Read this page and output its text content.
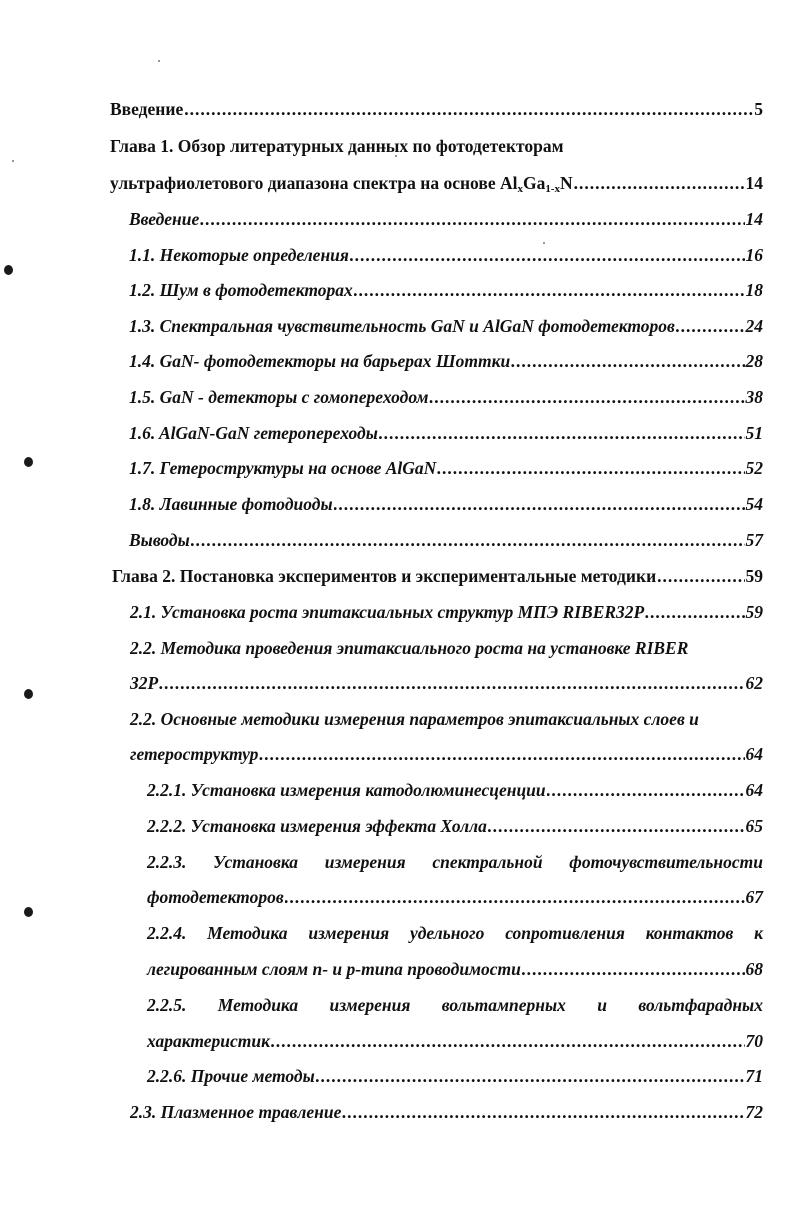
Введение .....	5
Глава 1. Обзор литературных данных по фотодетекторам
ультрафиолетового диапазона спектра на основе $Al_xGa_{1-x}N$ .....	14
Введение .....	14
1.1. Некоторые определения .....	16
1.2. Шум в фотодетекторах .....	18
1.3. Спектральная чувствительность GaN и AlGaN фотодетекторов .....	24
1.4. GaN- фотодетекторы на барьерах Шоттки .....	28
1.5. GaN - детекторы с гомопереходом .....	38
1.6. AlGaN-GaN гетеропереходы .....	51
1.7. Гетероструктуры на основе AlGaN .....	52
1.8. Лавинные фотодиоды .....	54
Выводы .....	57
Глава 2. Постановка экспериментов и экспериментальные методики .....	59
2.1. Установка роста эпитаксиальных структур МПЭ RIBER32P .....	59
2.2. Методика проведения эпитаксиального роста на установке RIBER
32P .....	62
2.2. Основные методики измерения параметров эпитаксиальных слоев и
гетероструктур .....	64
2.2.1. Установка измерения катодолюминесценции .....	64
2.2.2. Установка измерения эффекта Холла .....	65
2.2.3. Установка измерения спектральной фоточувствительности
фотодетекторов .....	67
2.2.4. Методика измерения удельного сопротивления контактов к
легированным слоям n- и p-типа проводимости .....	68
2.2.5. Методика измерения вольтамперных и вольтфарадных
характеристик .....	70
2.2.6. Прочие методы .....	71
2.3. Плазменное травление .....	72
